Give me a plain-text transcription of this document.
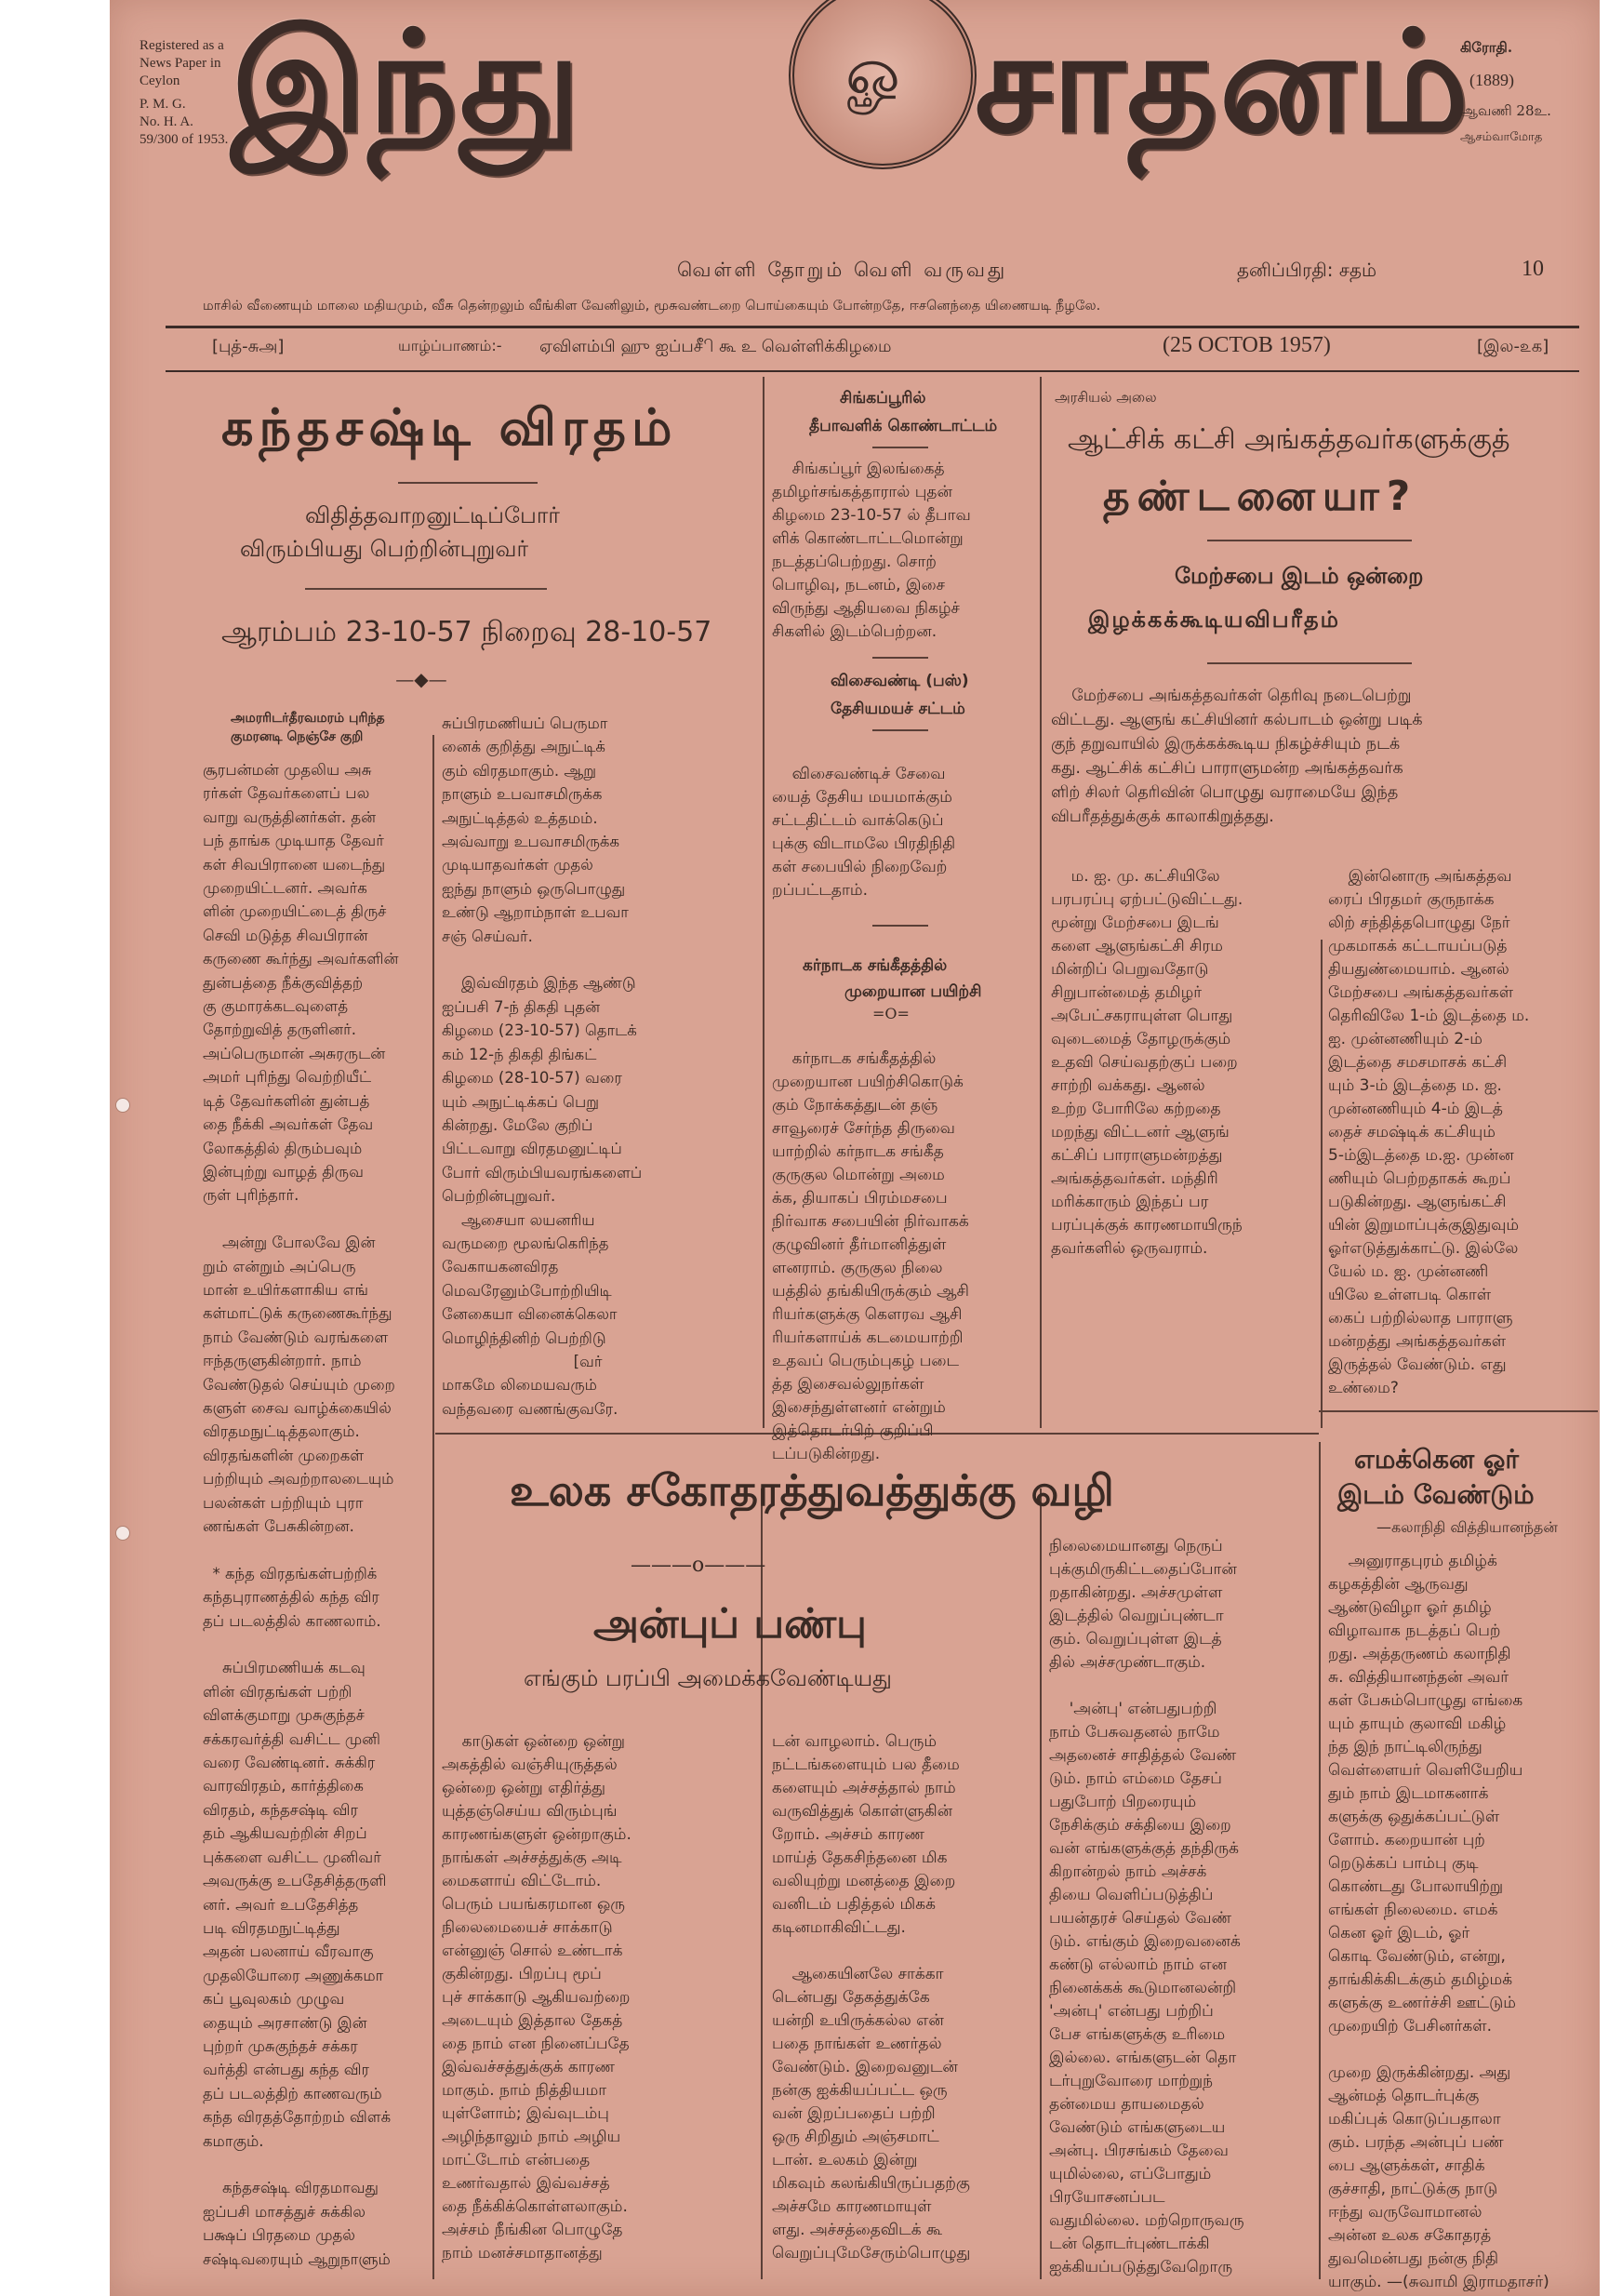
Registered as a
News Paper in
Ceylon
P. M. G.
No. H. A.
59/300 of 1953. இந்து	ௐ சாதனம்
கிரோதி.
(1889)
ஆவணி 28உ.
ஆசம்வாமோத
வெள்ளி தோறும் வெளி வருவது	தனிப்பிரதி: சதம்	10
மாசில் வீணையும் மாலை மதியமும், வீசு தென்றலும் வீங்கிள வேனிலும், மூசுவண்டறை பொய்கையும் போன்றதே, ஈசனெந்தை யிணையடி நீழலே.
[புத்-சுஅ]	யாழ்ப்பாணம்:- ஏவிளம்பி ஹு ஐப்பசிீ கூ உ வெள்ளிக்கிழமை	(25 OCTOB 1957)	[இல-௨க]
கந்தசஷ்டி விரதம்
விதித்தவாறனுட்டிப்போர்
விரும்பியது பெற்றின்புறுவர்
ஆரம்பம் 23-10-57 நிறைவு 28-10-57
—◆—
அமரரிடர்தீரவமரம் புரிந்த
குமரனடி நெஞ்சே குறி
சூரபன்மன் முதலிய அசு
ரர்கள் தேவர்களைப் பல
வாறு வருத்தினர்கள். தன்
பந் தாங்க முடியாத தேவர்
கள் சிவபிரானை யடைந்து
முறையிட்டனர். அவர்க
ளின் முறையிட்டைத் திருச்
செவி மடுத்த சிவபிரான்
கருணை கூர்ந்து அவர்களின்
துன்பத்தை நீக்குவித்தற்
கு குமாரக்கடவுளைத்
தோற்றுவித் தருளினர்.
அப்பெருமான் அசுரருடன்
அமர் புரிந்து வெற்றியீட்
டித் தேவர்களின் துன்பத்
தை நீக்கி அவர்கள் தேவ
லோகத்தில் திரும்பவும்
இன்புற்று வாழத் திருவ
ருள் புரிந்தார்.

அன்று போலவே இன்
றும் என்றும் அப்பெரு
மான் உயிர்களாகிய எங்
கள்மாட்டுக் கருணைகூர்ந்து
நாம் வேண்டும் வரங்களை
ஈந்தருளுகின்றார். நாம்
வேண்டுதல் செய்யும் முறை
களுள் சைவ வாழ்க்கையில்
விரதமநுட்டித்தலாகும்.
விரதங்களின் முறைகள்
பற்றியும் அவற்றாலடையும்
பலன்கள் பற்றியும் புரா
ணங்கள் பேசுகின்றன.

* கந்த விரதங்கள்பற்றிக்
கந்தபுராணத்தில் கந்த விர
தப் படலத்தில் காணலாம்.

சுப்பிரமணியக் கடவு
ளின் விரதங்கள் பற்றி
விளக்குமாறு முசுகுந்தச்
சக்கரவர்த்தி வசிட்ட முனி
வரை வேண்டினர். சுக்கிர
வாரவிரதம், கார்த்திகை
விரதம், கந்தசஷ்டி விர
தம் ஆகியவற்றின் சிறப்
புக்களை வசிட்ட முனிவர்
அவருக்கு உபதேசித்தருளி
னர். அவர் உபதேசித்த
படி விரதமநுட்டித்து
அதன் பலனாய் வீரவாகு
முதலியோரை அணுக்கமா
கப் பூவுலகம் முழுவ
தையும் அரசாண்டு இன்
புற்றர் முசுகுந்தச் சக்கர
வர்த்தி என்பது கந்த விர
தப் படலத்திற் காணவரும்
கந்த விரதத்தோற்றம் விளக்
கமாகும்.

கந்தசஷ்டி விரதமாவது
ஐப்பசி மாசத்துச் சுக்கில
பக்ஷப் பிரதமை முதல்
சஷ்டிவரையும் ஆறுநாளும்
சுப்பிரமணியப் பெருமா
னைக் குறித்து அநுட்டிக்
கும் விரதமாகும். ஆறு
நாளும் உபவாசமிருக்க
அநுட்டித்தல் உத்தமம்.
அவ்வாறு உபவாசமிருக்க
முடியாதவர்கள் முதல்
ஐந்து நாளும் ஒருபொழுது
உண்டு ஆறாம்நாள் உபவா
சஞ் செய்வர்.

இவ்விரதம் இந்த ஆண்டு
ஐப்பசி 7-ந் திகதி புதன்
கிழமை (23-10-57) தொடக்
கம் 12-ந் திகதி திங்கட்
கிழமை (28-10-57) வரை
யும் அநுட்டிக்கப் பெறு
கின்றது. மேலே குறிப்
பிட்டவாறு விரதமனுட்டிப்
போர் விரும்பியவரங்களைப்
பெற்றின்புறுவர்.
ஆசையா லயனரிய
வருமறை மூலங்கெரிந்த
வேகாயகனவிரத
மெவரேனும்போற்றியிடி
னேகையா வினைக்கெலா
மொழிந்தினிற் பெற்றிடு
[வர்
மாகமே லிமையவரும்
வந்தவரை வணங்குவரே.
சிங்கப்பூரில்
தீபாவளிக் கொண்டாட்டம்
சிங்கப்பூர் இலங்கைத்
தமிழர்சங்கத்தாரால் புதன்
கிழமை 23-10-57 ல் தீபாவ
ளிக் கொண்டாட்டமொன்று
நடத்தப்பெற்றது. சொற்
பொழிவு, நடனம், இசை
விருந்து ஆதியவை நிகழ்ச்
சிகளில் இடம்பெற்றன.
விசைவண்டி (பஸ்)
தேசியமயச் சட்டம்
விசைவண்டிச் சேவை
யைத் தேசிய மயமாக்கும்
சட்டதிட்டம் வாக்கெடுப்
புக்கு விடாமலே பிரதிநிதி
கள் சபையில் நிறைவேற்
றப்பட்டதாம்.
கர்நாடக சங்கீதத்தில்
முறையான பயிற்சி
=O=
கர்நாடக சங்கீதத்தில்
முறையான பயிற்சிகொடுக்
கும் நோக்கத்துடன் தஞ்
சாவூரைச் சேர்ந்த திருவை
யாற்றில் கர்நாடக சங்கீத
குருகுல மொன்று அமை
க்க, தியாகப் பிரம்மசபை
நிர்வாக சபையின் நிர்வாகக்
குழுவினர் தீர்மானித்துள்
ளனராம். குருகுல நிலை
யத்தில் தங்கியிருக்கும் ஆசி
ரியர்களுக்கு கௌரவ ஆசி
ரியர்களாய்க் கடமையாற்றி
உதவப் பெரும்புகழ் படை
த்த இசைவல்லுநர்கள்
இசைந்துள்ளனர் என்றும்
இத்தொடர்பிற் குறிப்பி
டப்படுகின்றது.
அரசியல் அலை
ஆட்சிக் கட்சி அங்கத்தவர்களுக்குத்
தண்டனையா?
மேற்சபை இடம் ஒன்றை
இழக்கக்கூடியவிபரீதம்
மேற்சபை அங்கத்தவர்கள் தெரிவு நடைபெற்று
விட்டது. ஆளுங் கட்சியினர் கல்பாடம் ஒன்று படிக்
குந் தறுவாயில் இருக்கக்கூடிய நிகழ்ச்சியும் நடக்
கது. ஆட்சிக் கட்சிப் பாராளுமன்ற அங்கத்தவர்க
ளிற் சிலர் தெரிவின் பொழுது வராமையே இந்த
விபரீதத்துக்குக் காலாகிறுத்தது.
ம. ஐ. மு. கட்சியிலே
பரபரப்பு ஏற்பட்டுவிட்டது.
மூன்று மேற்சபை இடங்
களை ஆளுங்கட்சி சிரம
மின்றிப் பெறுவதோடு
சிறுபான்மைத் தமிழர்
அபேட்சகராயுள்ள பொது
வுடைமைத் தோழருக்கும்
உதவி செய்வதற்குப் பறை
சாற்றி வக்கது. ஆனல்
உற்ற போரிலே கற்றதை
மறந்து விட்டனர் ஆளுங்
கட்சிப் பாராளுமன்றத்து
அங்கத்தவர்கள். மந்திரி
மரிக்காரும் இந்தப் பர
பரப்புக்குக் காரணமாயிருந்
தவர்களில் ஒருவராம்.
இன்னொரு அங்கத்தவ
ரைப் பிரதமர் குருநாக்க
லிற் சந்தித்தபொழுது நேர்
முகமாகக் கட்டாயப்படுத்
தியதுண்மையாம். ஆனல்
மேற்சபை அங்கத்தவர்கள்
தெரிவிலே 1-ம் இடத்தை ம.
ஐ. முன்னணியும் 2-ம்
இடத்தை சமசமாசக் கட்சி
யும் 3-ம் இடத்தை ம. ஐ.
முன்னணியும் 4-ம் இடத்
தைச் சமஷ்டிக் கட்சியும்
5-ம்இடத்தை ம.ஐ. முன்ன
ணியும் பெற்றதாகக் கூறப்
படுகின்றது. ஆளுங்கட்சி
யின் இறுமாப்புக்குஇதுவும்
ஓர்எடுத்துக்காட்டு. இல்லே
யேல் ம. ஐ. முன்னணி
யிலே உள்ளபடி கொள்
கைப் பற்றில்லாத பாராளு
மன்றத்து அங்கத்தவர்கள்
இருத்தல் வேண்டும். எது
உண்மை?
உலக சகோதரத்துவத்துக்கு வழி
———o———
அன்புப் பண்பு
எங்கும் பரப்பி அமைக்கவேண்டியது
காடுகள் ஒன்றை ஒன்று
அகத்தில் வஞ்சியுருத்தல்
ஒன்றை ஒன்று எதிர்த்து
யுத்தஞ்செய்ய விரும்புங்
காரணங்களுள் ஒன்றாகும்.
நாங்கள் அச்சத்துக்கு அடி
மைகளாய் விட்டோம்.
பெரும் பயங்கரமான ஒரு
நிலைமையைச் சாக்காடு
என்னுஞ் சொல் உண்டாக்
குகின்றது. பிறப்பு மூப்
புச் சாக்காடு ஆகியவற்றை
அடையும் இத்தால தேகத்
தை நாம் என நினைப்பதே
இவ்வச்சத்துக்குக் காரண
மாகும். நாம் நித்தியமா
யுள்ளோம்; இவ்வுடம்பு
அழிந்தாலும் நாம் அழிய
மாட்டோம் என்பதை
உணர்வதால் இவ்வச்சத்
தை நீக்கிக்கொள்ளலாகும்.
அச்சம் நீங்கின பொழுதே
நாம் மனச்சமாதானத்து
டன் வாழலாம். பெரும்
நட்டங்களையும் பல தீமை
களையும் அச்சத்தால் நாம்
வருவித்துக் கொள்ளுகின்
றோம். அச்சம் காரண
மாய்த் தேகசிந்தனை மிக
வலியுற்று மனத்தை இறை
வனிடம் பதித்தல் மிகக்
கடினமாகிவிட்டது.

ஆகையினலே சாக்கா
டென்பது தேகத்துக்கே
யன்றி உயிருக்கல்ல என்
பதை நாங்கள் உணர்தல்
வேண்டும். இறைவனுடன்
நன்கு ஐக்கியப்பட்ட ஒரு
வன் இறப்பதைப் பற்றி
ஒரு சிறிதும் அஞ்சமாட்
டான். உலகம் இன்று
மிகவும் கலங்கியிருப்பதற்கு
அச்சமே காரணமாயுள்
ளது. அச்சத்தைவிடக் கூ
வெறுப்புமேசேரும்பொழுது
நிலைமையானது நெருப்
புக்குமிருகிட்டதைப்போன்
றதாகின்றது. அச்சமுள்ள
இடத்தில் வெறுப்புண்டா
கும். வெறுப்புள்ள இடத்
தில் அச்சமுண்டாகும்.

'அன்பு' என்பதுபற்றி
நாம் பேசுவதனல் நாமே
அதனைச் சாதித்தல் வேண்
டும். நாம் எம்மை தேசப்
பதுபோற் பிறரையும்
நேசிக்கும் சக்தியை இறை
வன் எங்களுக்குத் தந்திருக்
கிறான்றல் நாம் அச்சக்
தியை வெளிப்படுத்திப்
பயன்தரச் செய்தல் வேண்
டும். எங்கும் இறைவனைக்
கண்டு எல்லாம் நாம் என
நினைக்கக் கூடுமானலன்றி
'அன்பு' என்பது பற்றிப்
பேச எங்களுக்கு உரிமை
இல்லை. எங்களுடன் தொ
டர்புறுவோரை மாற்றுந்
தன்மைய தாயமைதல்
வேண்டும் எங்களுடைய
அன்பு. பிரசங்கம் தேவை
யுமில்லை, எப்போதும்
பிரயோசனப்பட
வதுமில்லை. மற்றொருவரு
டன் தொடர்புண்டாக்கி
ஐக்கியப்படுத்துவேறொரு
எமக்கென ஓர்
இடம் வேண்டும்
—கலாநிதி வித்தியானந்தன்
அனுராதபுரம் தமிழ்க்
கழகத்தின் ஆருவது
ஆண்டுவிழா ஓர் தமிழ்
விழாவாக நடத்தப் பெற்
றது. அத்தருணம் கலாநிதி
சு. வித்தியானந்தன் அவர்
கள் பேசும்பொழுது எங்கை
யும் தாயும் குலாவி மகிழ்
ந்த இந் நாட்டிலிருந்து
வெள்ளையர் வெளியேறிய
தும் நாம் இடமாகனாக்
களுக்கு ஒதுக்கப்பட்டுள்
ளோம். கறையான் புற்
றெடுக்கப் பாம்பு குடி
கொண்டது போலாயிற்று
எங்கள் நிலைமை. எமக்
கென ஓர் இடம், ஓர்
கொடி வேண்டும், என்று,
தாங்கிக்கிடக்கும் தமிழ்மக்
களுக்கு உணர்ச்சி ஊட்டும்
முறையிற் பேசினர்கள்.

முறை இருக்கின்றது. அது
ஆன்மத் தொடர்புக்கு
மகிப்புக் கொடுப்பதாலா
கும். பரந்த அன்புப் பண்
பை ஆளுக்கள், சாதிக்
குச்சாதி, நாட்டுக்கு நாடு
ஈந்து வருவோமானல்
அன்ன உலக சகோதரத்
துவமென்பது நன்கு நிதி
யாகும். —(சுவாமி இராமதாசர்)
